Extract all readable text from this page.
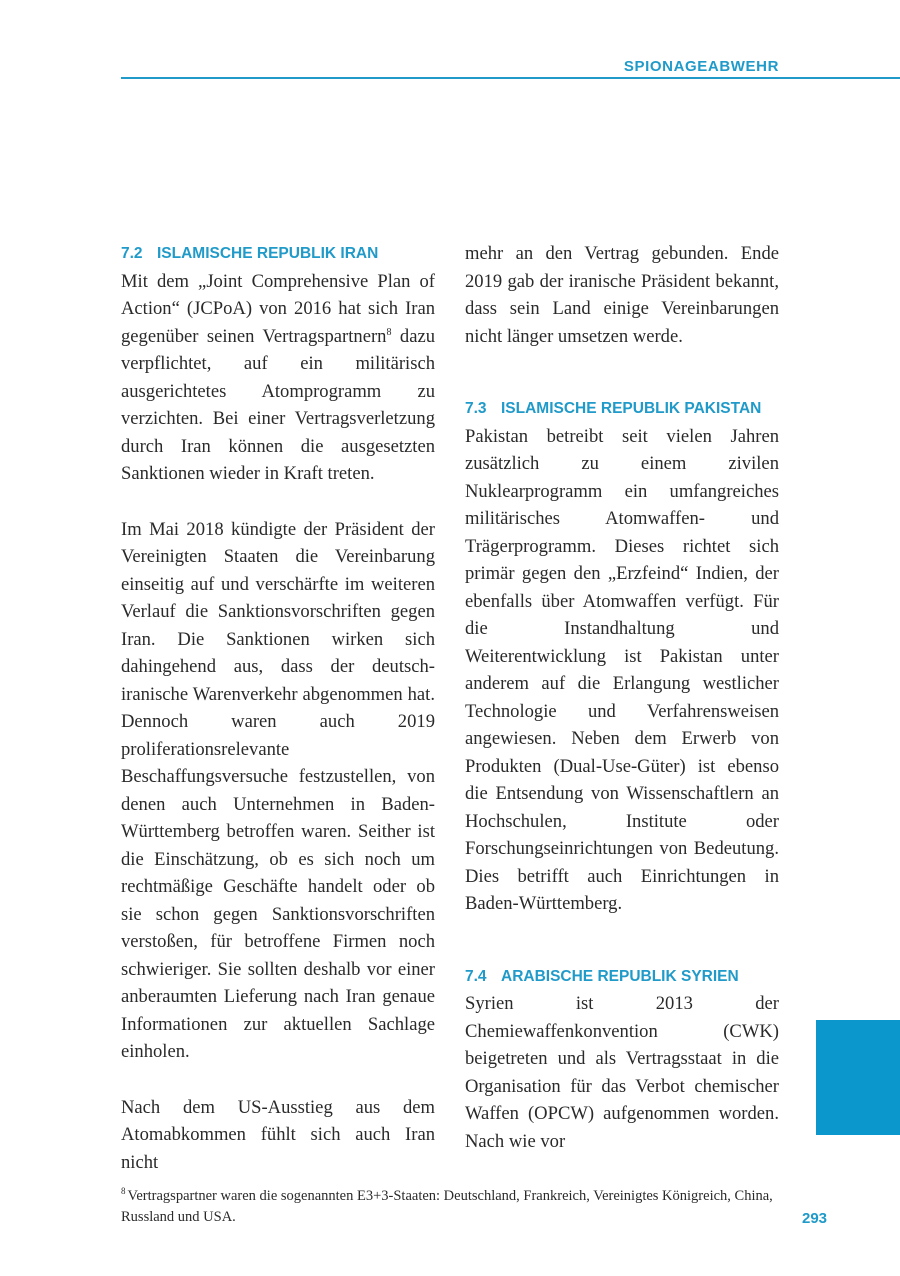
SPIONAGEABWEHR
7.2 ISLAMISCHE REPUBLIK IRAN

Mit dem „Joint Comprehensive Plan of Action“ (JCPoA) von 2016 hat sich Iran gegenüber seinen Vertragspartnern$^8$ dazu verpflichtet, auf ein militärisch ausgerichtetes Atomprogramm zu verzichten. Bei einer Vertragsverletzung durch Iran können die ausgesetzten Sanktionen wieder in Kraft treten.

Im Mai 2018 kündigte der Präsident der Vereinigten Staaten die Vereinbarung einseitig auf und verschärfte im weiteren Verlauf die Sanktionsvorschriften gegen Iran. Die Sanktionen wirken sich dahingehend aus, dass der deutsch-iranische Warenverkehr abgenommen hat. Dennoch waren auch 2019 proliferationsrelevante Beschaffungsversuche festzustellen, von denen auch Unternehmen in Baden-Württemberg betroffen waren. Seither ist die Einschätzung, ob es sich noch um rechtmäßige Geschäfte handelt oder ob sie schon gegen Sanktionsvorschriften verstoßen, für betroffene Firmen noch schwieriger. Sie sollten deshalb vor einer anberaumten Lieferung nach Iran genaue Informationen zur aktuellen Sachlage einholen.

Nach dem US-Ausstieg aus dem Atomabkommen fühlt sich auch Iran nicht

mehr an den Vertrag gebunden. Ende 2019 gab der iranische Präsident bekannt, dass sein Land einige Vereinbarungen nicht länger umsetzen werde.

7.3 ISLAMISCHE REPUBLIK PAKISTAN

Pakistan betreibt seit vielen Jahren zusätzlich zu einem zivilen Nuklearprogramm ein umfangreiches militärisches Atomwaffen- und Trägerprogramm. Dieses richtet sich primär gegen den „Erzfeind“ Indien, der ebenfalls über Atomwaffen verfügt. Für die Instandhaltung und Weiterentwicklung ist Pakistan unter anderem auf die Erlangung westlicher Technologie und Verfahrensweisen angewiesen. Neben dem Erwerb von Produkten (Dual-Use-Güter) ist ebenso die Entsendung von Wissenschaftlern an Hochschulen, Institute oder Forschungseinrichtungen von Bedeutung. Dies betrifft auch Einrichtungen in Baden-Württemberg.

7.4 ARABISCHE REPUBLIK SYRIEN

Syrien ist 2013 der Chemiewaffenkonvention (CWK) beigetreten und als Vertragsstaat in die Organisation für das Verbot chemischer Waffen (OPCW) aufgenommen worden. Nach wie vor

$^8$ Vertragspartner waren die sogenannten E3+3-Staaten: Deutschland, Frankreich, Vereinigtes Königreich, China, Russland und USA.	293
